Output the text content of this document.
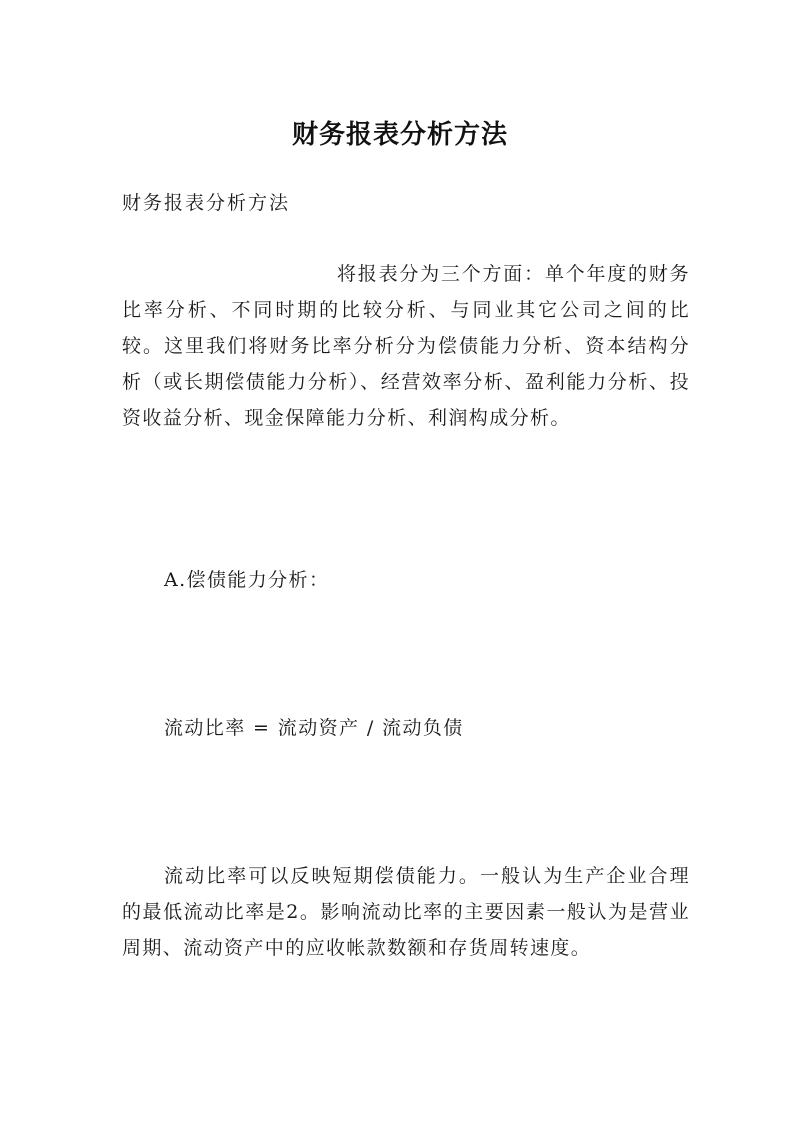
财务报表分析方法

财务报表分析方法

将报表分为三个方面：单个年度的财务比率分析、不同时期的比较分析、与同业其它公司之间的比较。这里我们将财务比率分析分为偿债能力分析、资本结构分析（或长期偿债能力分析）、经营效率分析、盈利能力分析、投资收益分析、现金保障能力分析、利润构成分析。

A.偿债能力分析：

流动比率 = 流动资产 / 流动负债

流动比率可以反映短期偿债能力。一般认为生产企业合理的最低流动比率是2。影响流动比率的主要因素一般认为是营业周期、流动资产中的应收帐款数额和存货周转速度。
